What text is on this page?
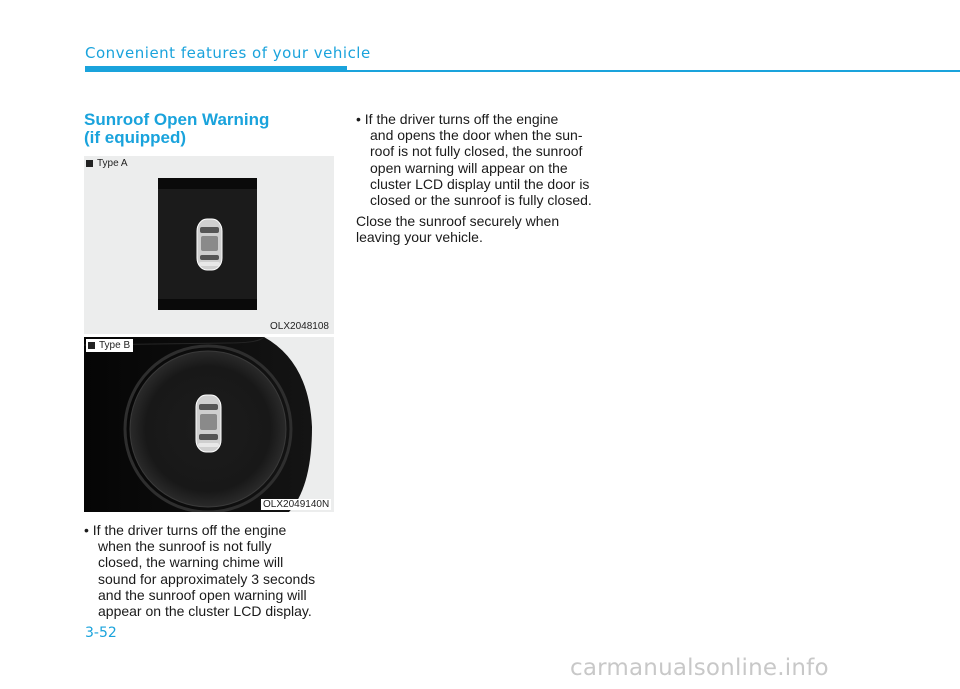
Convenient features of your vehicle
Sunroof Open Warning
(if equipped)
Type A
OLX2048108
Type B
OLX2049140N
• If the driver turns off the engine
when the sunroof is not fully
closed, the warning chime will
sound for approximately 3 seconds
and the sunroof open warning will
appear on the cluster LCD display.
• If the driver turns off the engine
and opens the door when the sun-
roof is not fully closed, the sunroof
open warning will appear on the
cluster LCD display until the door is
closed or the sunroof is fully closed.
Close the sunroof securely when
leaving your vehicle.
3-52
carmanualsonline.info
